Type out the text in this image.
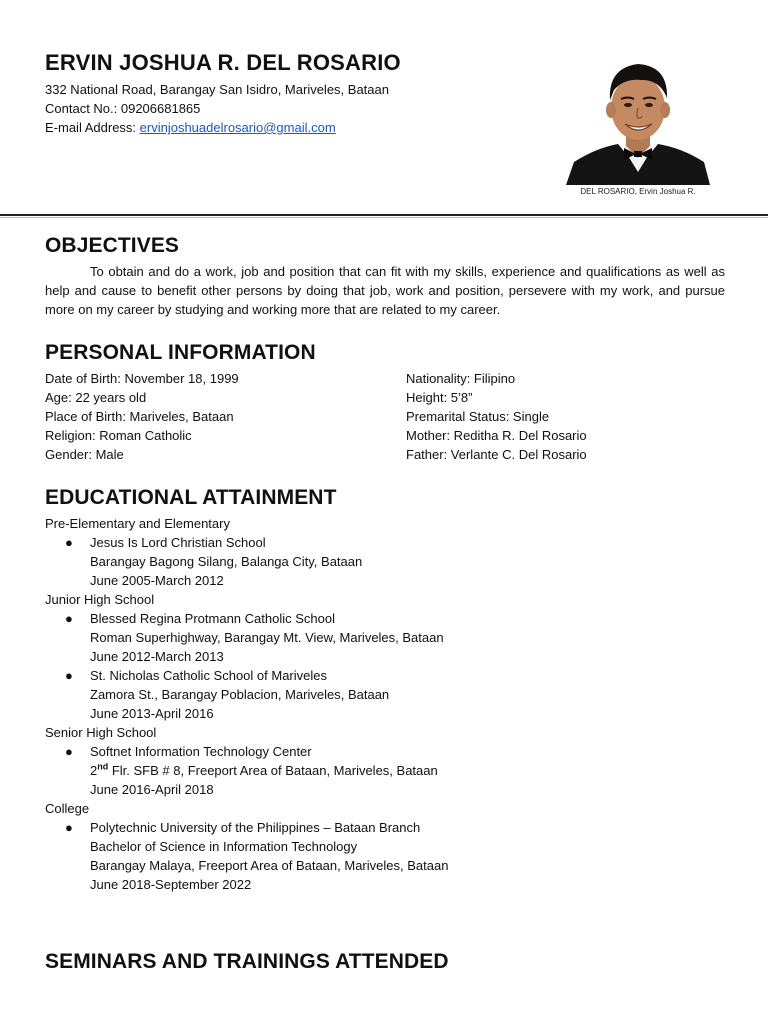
ERVIN JOSHUA R. DEL ROSARIO
332 National Road, Barangay San Isidro, Mariveles, Bataan
Contact No.: 09206681865
E-mail Address: ervinjoshuadelrosario@gmail.com
DEL ROSARIO, Ervin Joshua R.
OBJECTIVES
To obtain and do a work, job and position that can fit with my skills, experience and qualifications as well as help and cause to benefit other persons by doing that job, work and position, persevere with my work, and pursue more on my career by studying and working more that are related to my career.
PERSONAL INFORMATION
Date of Birth: November 18, 1999
Age: 22 years old
Place of Birth: Mariveles, Bataan
Religion: Roman Catholic
Gender: Male
Nationality: Filipino
Height: 5’8”
Premarital Status: Single
Mother: Reditha R. Del Rosario
Father: Verlante C. Del Rosario
EDUCATIONAL ATTAINMENT
Pre-Elementary and Elementary
● Jesus Is Lord Christian School
Barangay Bagong Silang, Balanga City, Bataan
June 2005-March 2012
Junior High School
● Blessed Regina Protmann Catholic School
Roman Superhighway, Barangay Mt. View, Mariveles, Bataan
June 2012-March 2013
● St. Nicholas Catholic School of Mariveles
Zamora St., Barangay Poblacion, Mariveles, Bataan
June 2013-April 2016
Senior High School
● Softnet Information Technology Center
2nd Flr. SFB # 8, Freeport Area of Bataan, Mariveles, Bataan
June 2016-April 2018
College
● Polytechnic University of the Philippines – Bataan Branch
Bachelor of Science in Information Technology
Barangay Malaya, Freeport Area of Bataan, Mariveles, Bataan
June 2018-September 2022
SEMINARS AND TRAININGS ATTENDED
